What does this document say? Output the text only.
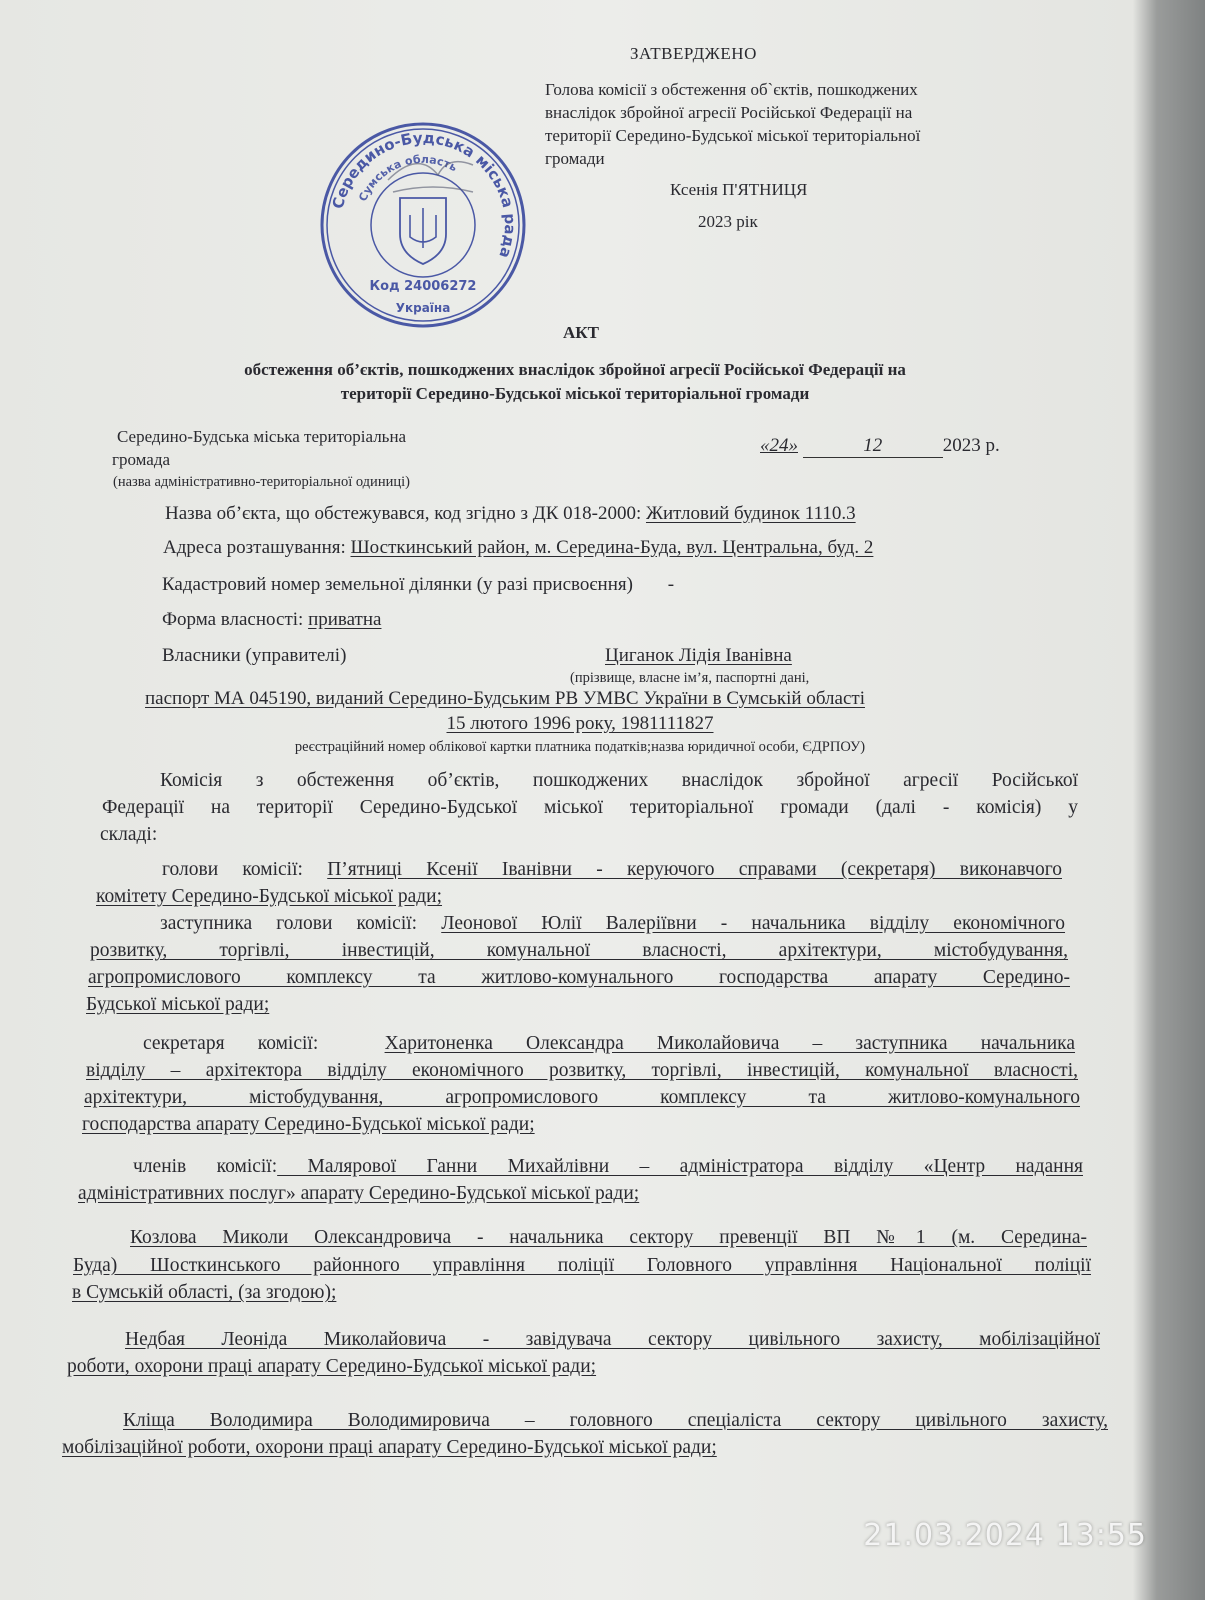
ЗАТВЕРДЖЕНО
Голова комісії з обстеження об`єктів, пошкоджених
внаслідок збройної агресії Російської Федерації на
території Середино-Будської міської територіальної
громади
Ксенія П'ЯТНИЦЯ
2023 рік
Середино-Будська міська рада
Сумська область
Код 24006272
Україна
АКТ
обстеження об’єктів, пошкоджених внаслідок збройної агресії Російської Федерації на
території Середино-Будської міської територіальної громади
Середино-Будська міська територіальна
громада
(назва адміністративно-територіальної одиниці)
«24»	12	2023 р.
Назва об’єкта, що обстежувався, код згідно з ДК 018-2000: Житловий будинок 1110.3
Адреса розташування: Шосткинський район, м. Середина-Буда, вул. Центральна, буд. 2
Кадастровий номер земельної ділянки (у разі присвоєння) -
Форма власності: приватна
Власники (управителі)	Циганок Лідія Іванівна
(прізвище, власне ім’я, паспортні дані,
паспорт МА 045190, виданий Середино-Будським РВ УМВС України в Сумській області
15 лютого 1996 року, 1981111827
реєстраційний номер облікової картки платника податків;назва юридичної особи, ЄДРПОУ)
Комісія з обстеження об’єктів, пошкоджених внаслідок збройної агресії Російської
Федерації на території Середино-Будської міської територіальної громади (далі - комісія) у
складі:
голови комісії: П’ятниці Ксенії Іванівни - керуючого справами (секретаря) виконавчого
комітету Середино-Будської міської ради;
заступника голови комісії: Леонової Юлії Валеріївни - начальника відділу економічного
розвитку, торгівлі, інвестицій, комунальної власності, архітектури, містобудування,
агропромислового комплексу та житлово-комунального господарства апарату Середино-
Будської міської ради;
секретаря комісії:	Харитоненка Олександра Миколайовича – заступника начальника
відділу – архітектора відділу економічного розвитку, торгівлі, інвестицій, комунальної власності,
архітектури, містобудування, агропромислового комплексу та житлово-комунального
господарства апарату Середино-Будської міської ради;
членів комісії: Малярової Ганни Михайлівни – адміністратора відділу «Центр надання
адміністративних послуг» апарату Середино-Будської міської ради;
Козлова Миколи Олександровича - начальника сектору превенції ВП №1 (м. Середина-
Буда) Шосткинського районного управління поліції Головного управління Національної поліції
в Сумській області, (за згодою);
Недбая Леоніда Миколайовича - завідувача сектору цивільного захисту, мобілізаційної
роботи, охорони праці апарату Середино-Будської міської ради;
Кліща Володимира Володимировича – головного спеціаліста сектору цивільного захисту,
мобілізаційної роботи, охорони праці апарату Середино-Будської міської ради;
21.03.2024 13:55
